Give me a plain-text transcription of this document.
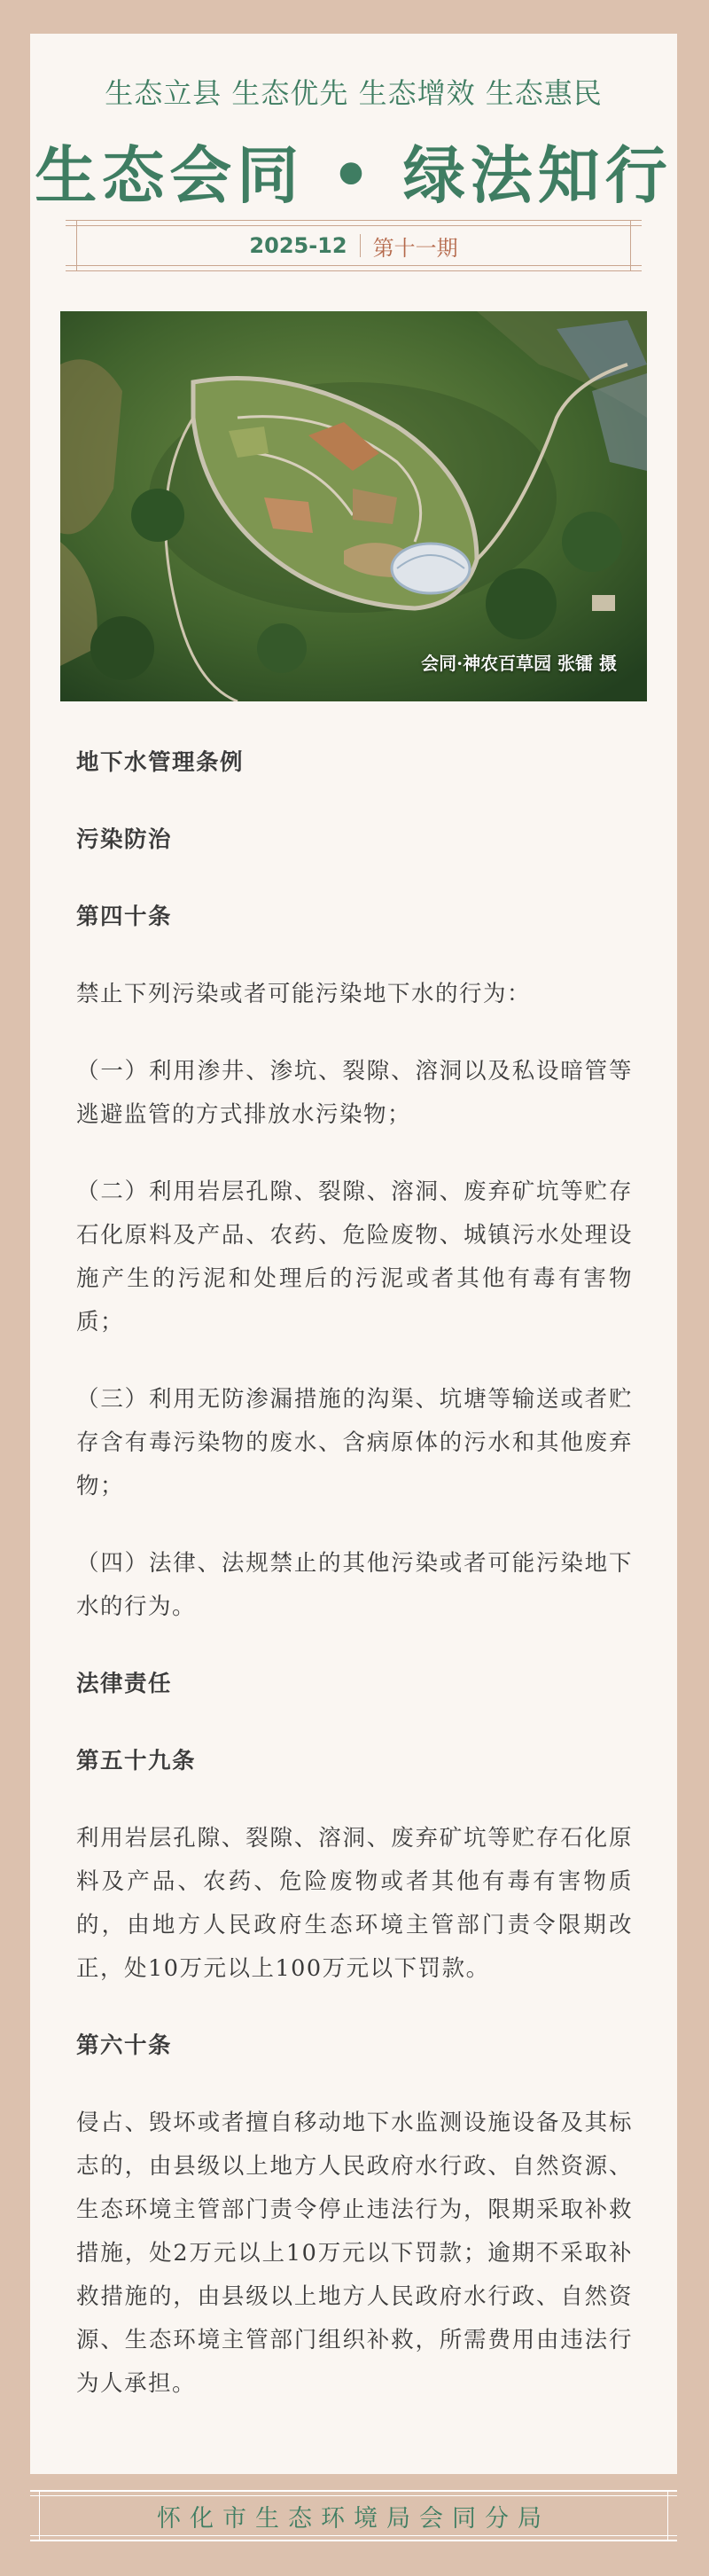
生态立县 生态优先 生态增效 生态惠民
生态会同 • 绿法知行
2025-12 第十一期
会同·神农百草园 张镭 摄
地下水管理条例
污染防治
第四十条

禁止下列污染或者可能污染地下水的行为：

（一）利用渗井、渗坑、裂隙、溶洞以及私设暗管等逃避监管的方式排放水污染物；

（二）利用岩层孔隙、裂隙、溶洞、废弃矿坑等贮存石化原料及产品、农药、危险废物、城镇污水处理设施产生的污泥和处理后的污泥或者其他有毒有害物质；

（三）利用无防渗漏措施的沟渠、坑塘等输送或者贮存含有毒污染物的废水、含病原体的污水和其他废弃物；

（四）法律、法规禁止的其他污染或者可能污染地下水的行为。

法律责任
第五十九条

利用岩层孔隙、裂隙、溶洞、废弃矿坑等贮存石化原料及产品、农药、危险废物或者其他有毒有害物质的，由地方人民政府生态环境主管部门责令限期改正，处10万元以上100万元以下罚款。

第六十条

侵占、毁坏或者擅自移动地下水监测设施设备及其标志的，由县级以上地方人民政府水行政、自然资源、生态环境主管部门责令停止违法行为，限期采取补救措施，处2万元以上10万元以下罚款；逾期不采取补救措施的，由县级以上地方人民政府水行政、自然资源、生态环境主管部门组织补救，所需费用由违法行为人承担。

怀化市生态环境局会同分局
